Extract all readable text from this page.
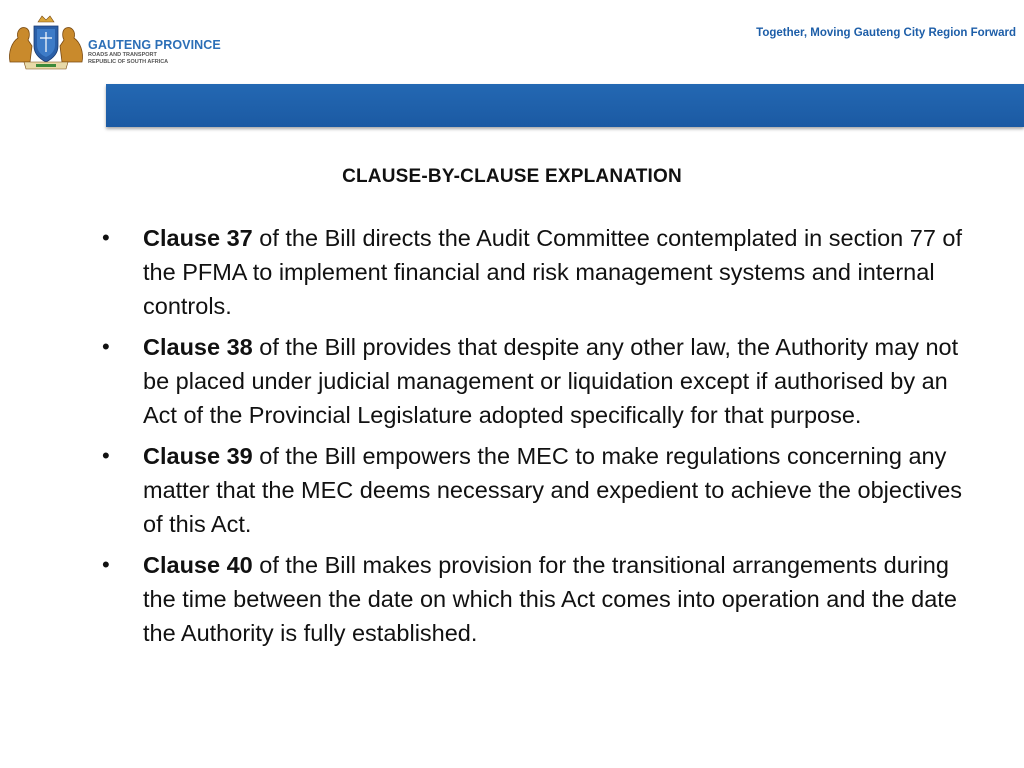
GAUTENG PROVINCE
ROADS AND TRANSPORT
REPUBLIC OF SOUTH AFRICA
Together, Moving Gauteng City Region Forward
CLAUSE-BY-CLAUSE EXPLANATION
• Clause 37 of the Bill directs the Audit Committee contemplated in section 77 of the PFMA to implement financial and risk management systems and internal controls.
• Clause 38 of the Bill provides that despite any other law, the Authority may not be placed under judicial management or liquidation except if authorised by an Act of the Provincial Legislature adopted specifically for that purpose.
• Clause 39 of the Bill empowers the MEC to make regulations concerning any matter that the MEC deems necessary and expedient to achieve the objectives of this Act.
• Clause 40 of the Bill makes provision for the transitional arrangements during the time between the date on which this Act comes into operation and the date the Authority is fully established.
